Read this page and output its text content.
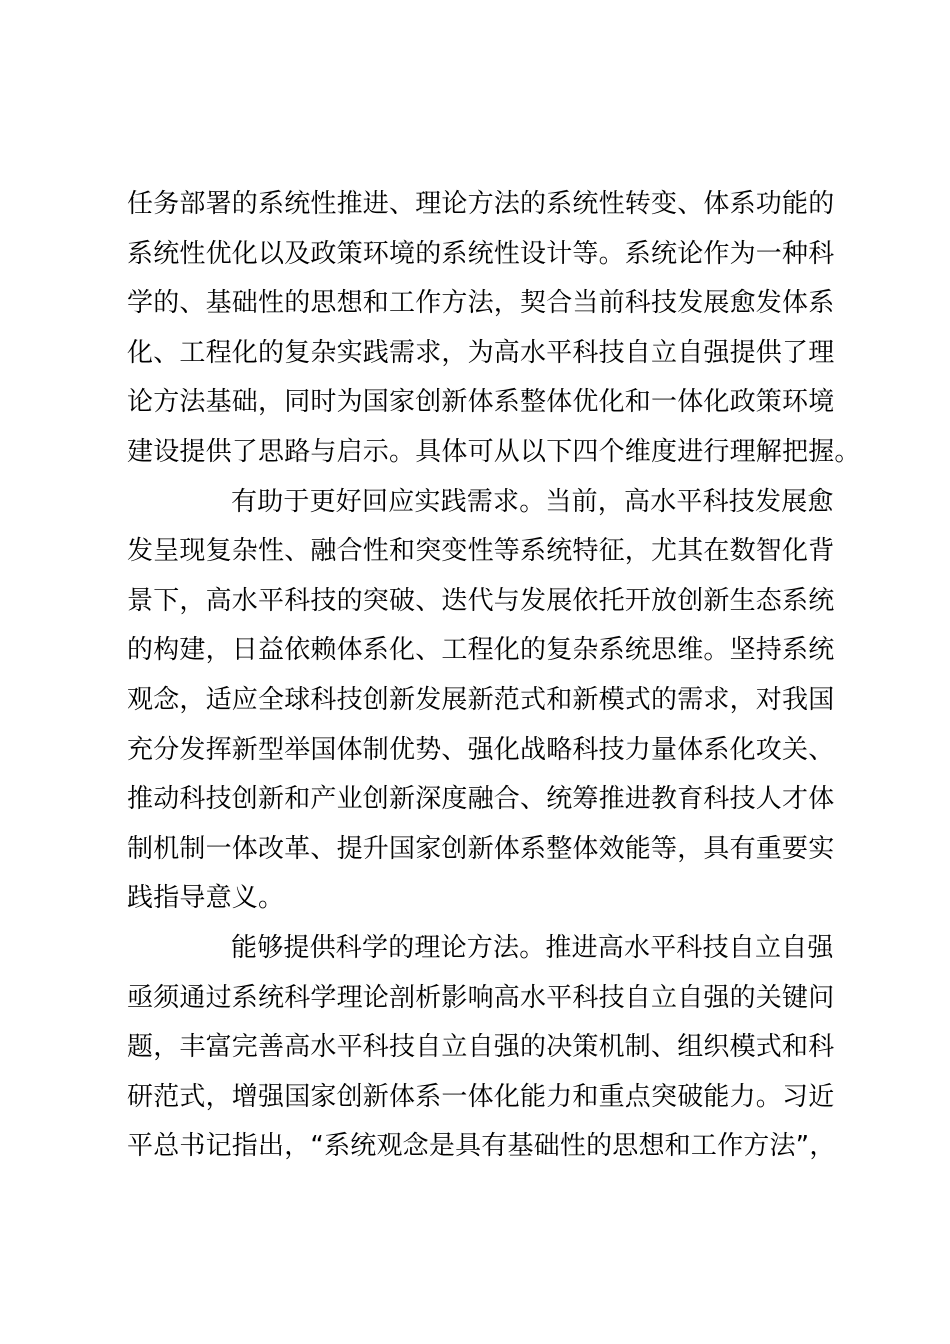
任务部署的系统性推进、理论方法的系统性转变、体系功能的
系统性优化以及政策环境的系统性设计等。系统论作为一种科
学的、基础性的思想和工作方法，契合当前科技发展愈发体系
化、工程化的复杂实践需求，为高水平科技自立自强提供了理
论方法基础，同时为国家创新体系整体优化和一体化政策环境
建设提供了思路与启示。具体可从以下四个维度进行理解把握。
有助于更好回应实践需求。当前，高水平科技发展愈
发呈现复杂性、融合性和突变性等系统特征，尤其在数智化背
景下，高水平科技的突破、迭代与发展依托开放创新生态系统
的构建，日益依赖体系化、工程化的复杂系统思维。坚持系统
观念，适应全球科技创新发展新范式和新模式的需求，对我国
充分发挥新型举国体制优势、强化战略科技力量体系化攻关、
推动科技创新和产业创新深度融合、统筹推进教育科技人才体
制机制一体改革、提升国家创新体系整体效能等，具有重要实
践指导意义。
能够提供科学的理论方法。推进高水平科技自立自强
亟须通过系统科学理论剖析影响高水平科技自立自强的关键问
题，丰富完善高水平科技自立自强的决策机制、组织模式和科
研范式，增强国家创新体系一体化能力和重点突破能力。习近
平总书记指出，“系统观念是具有基础性的思想和工作方法”，
